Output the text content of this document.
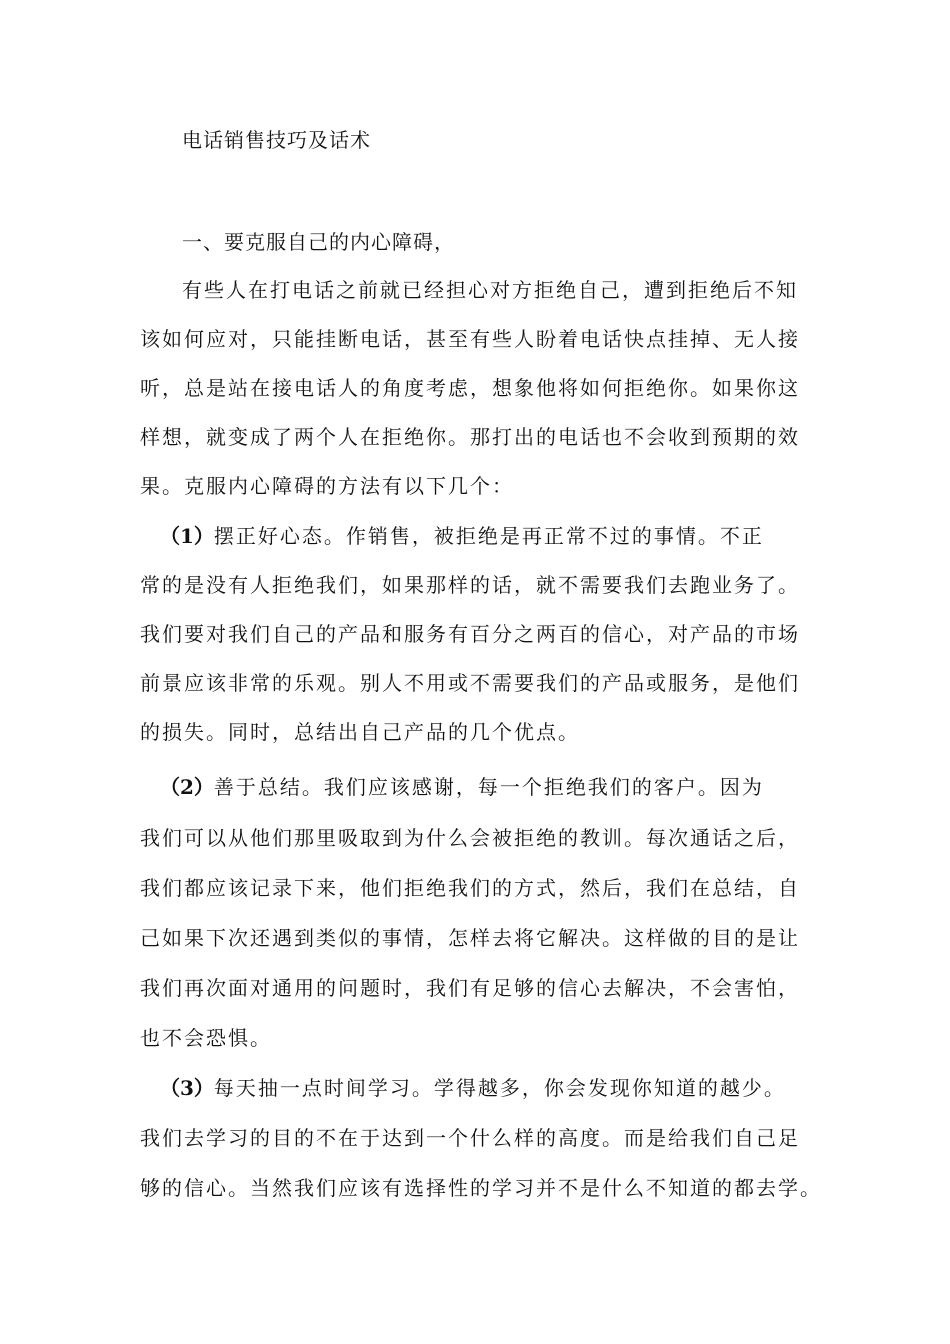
电话销售技巧及话术
一、要克服自己的内心障碍，

有些人在打电话之前就已经担心对方拒绝自己，遭到拒绝后不知

该如何应对，只能挂断电话，甚至有些人盼着电话快点挂掉、无人接

听，总是站在接电话人的角度考虑，想象他将如何拒绝你。如果你这

样想，就变成了两个人在拒绝你。那打出的电话也不会收到预期的效

果。克服内心障碍的方法有以下几个：

（1）摆正好心态。作销售，被拒绝是再正常不过的事情。不正

常的是没有人拒绝我们，如果那样的话，就不需要我们去跑业务了。

我们要对我们自己的产品和服务有百分之两百的信心，对产品的市场

前景应该非常的乐观。别人不用或不需要我们的产品或服务，是他们

的损失。同时，总结出自己产品的几个优点。

（2）善于总结。我们应该感谢，每一个拒绝我们的客户。因为

我们可以从他们那里吸取到为什么会被拒绝的教训。每次通话之后，

我们都应该记录下来，他们拒绝我们的方式，然后，我们在总结，自

己如果下次还遇到类似的事情，怎样去将它解决。这样做的目的是让

我们再次面对通用的问题时，我们有足够的信心去解决，不会害怕，

也不会恐惧。

（3）每天抽一点时间学习。学得越多，你会发现你知道的越少。

我们去学习的目的不在于达到一个什么样的高度。而是给我们自己足

够的信心。当然我们应该有选择性的学习并不是什么不知道的都去学。
